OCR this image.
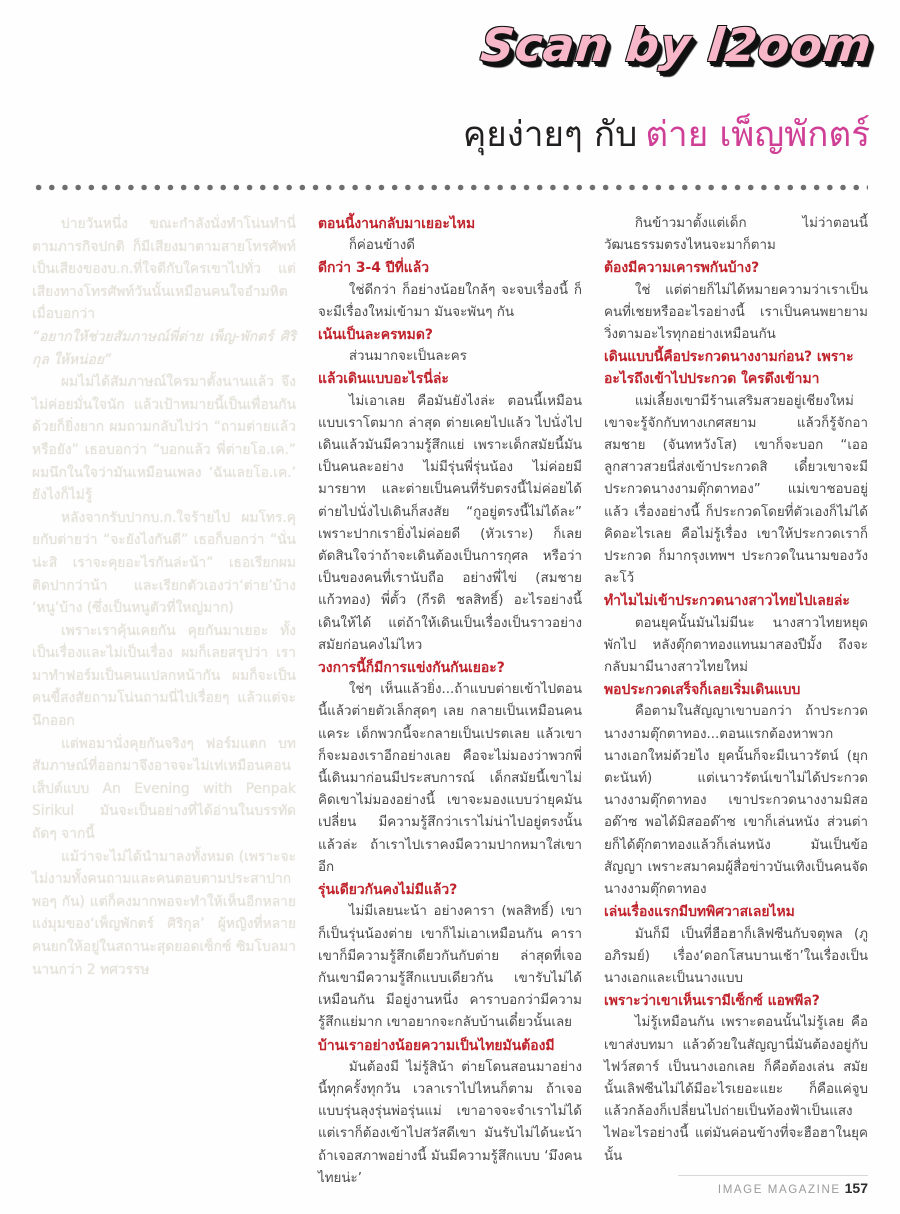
Scan by l2oom
คุยง่ายๆ กับ ต่าย เพ็ญพักตร์

บ่ายวันหนึ่ง ขณะกำลังนั่งทำโน่นทำนี่ตามภารกิจปกติ ก็มีเสียงมาตามสายโทรศัพท์ เป็นเสียงของบ.ก.ที่ใจดีกับใครเขาไปทั่ว แต่เสียงทางโทรศัพท์วันนั้นเหมือนคนใจอำมหิตเมื่อบอกว่า

“อยากให้ช่วยสัมภาษณ์พี่ต่าย เพ็ญ-พักตร์ ศิริกุล ให้หน่อย”

ผมไม่ได้สัมภาษณ์ใครมาตั้งนานแล้ว จึงไม่ค่อยมั่นใจนัก แล้วเป้าหมายนี้เป็นเพื่อนกันด้วยก็ยิ่งยาก ผมถามกลับไปว่า “ถามต่ายแล้วหรือยัง” เธอบอกว่า “บอกแล้ว พี่ต่ายโอ.เค.” ผมนึกในใจว่ามันเหมือนเพลง ‘ฉันเลยโอ.เค.’ ยังไงก็ไม่รู้

หลังจากรับปากบ.ก.ใจร้ายไป ผมโทร.คุยกับต่ายว่า “จะยังไงกันดี” เธอก็บอกว่า “นั่นน่ะสิ เราจะคุยอะไรกันล่ะน้า” เธอเรียกผมติดปากว่าน้า และเรียกตัวเองว่า‘ต่าย’บ้าง ‘หนู’บ้าง (ซึ่งเป็นหนูตัวที่ใหญ่มาก)

เพราะเราคุ้นเคยกัน คุยกันมาเยอะ ทั้งเป็นเรื่องและไม่เป็นเรื่อง ผมก็เลยสรุปว่า เรามาทำฟอร์มเป็นคนแปลกหน้ากัน ผมก็จะเป็นคนขี้สงสัยถามโน่นถามนี่ไปเรื่อยๆ แล้วแต่จะนึกออก

แต่พอมานั่งคุยกันจริงๆ ฟอร์มแตก บทสัมภาษณ์ที่ออกมาจึงอาจจะไม่เท่เหมือนคอนเส็ปต์แบบ An Evening with Penpak Sirikul มันจะเป็นอย่างที่ได้อ่านในบรรทัดถัดๆ จากนี้

แม้ว่าจะไม่ได้นำมาลงทั้งหมด (เพราะจะไม่งามทั้งคนถามและคนตอบตามประสาปากพอๆ กัน) แต่ก็คงมากพอจะทำให้เห็นอีกหลายแง่มุมของ‘เพ็ญพักตร์ ศิริกุล’ ผู้หญิงที่หลายคนยกให้อยู่ในสถานะสุดยอดเซ็กซ์ ซิมโบลมานานกว่า 2 ทศวรรษ

ตอนนี้งานกลับมาเยอะไหม

ก็ค่อนข้างดี

ดีกว่า 3-4 ปีที่แล้ว

ใช่ดีกว่า ก็อย่างน้อยใกล้ๆ จะจบเรื่องนี้ ก็จะมีเรื่องใหม่เข้ามา มันจะพันๆ กัน

เน้นเป็นละครหมด?

ส่วนมากจะเป็นละคร

แล้วเดินแบบอะไรนี่ล่ะ

ไม่เอาเลย คือมันยังไงล่ะ ตอนนี้เหมือนแบบเราโตมาก ล่าสุด ต่ายเคยไปแล้ว ไปนั่งไปเดินแล้วมันมีความรู้สึกแย่ เพราะเด็กสมัยนี้มันเป็นคนละอย่าง ไม่มีรุ่นพี่รุ่นน้อง ไม่ค่อยมีมารยาท และต่ายเป็นคนที่รับตรงนี้ไม่ค่อยได้ ต่ายไปนั่งไปเดินก็สงสัย “กูอยู่ตรงนี้ไม่ได้ละ” เพราะปากเรายิ่งไม่ค่อยดี (หัวเราะ) ก็เลยตัดสินใจว่าถ้าจะเดินต้องเป็นการกุศล หรือว่าเป็นของคนที่เรานับถือ อย่างพี่ไข่ (สมชาย แก้วทอง) พี่ตั้ว (กีรติ ชลสิทธิ์) อะไรอย่างนี้ เดินให้ได้ แต่ถ้าให้เดินเป็นเรื่องเป็นราวอย่างสมัยก่อนคงไม่ไหว

วงการนี้ก็มีการแข่งกันกันเยอะ?

ใช่ๆ เห็นแล้วยิ่ง...ถ้าแบบต่ายเข้าไปตอนนี้แล้วต่ายตัวเล็กสุดๆ เลย กลายเป็นเหมือนคนแคระ เด็กพวกนี้จะกลายเป็นเปรตเลย แล้วเขาก็จะมองเราอีกอย่างเลย คือจะไม่มองว่าพวกพี่นี้เดินมาก่อนมีประสบการณ์ เด็กสมัยนี้เขาไม่คิดเขาไม่มองอย่างนี้ เขาจะมองแบบว่ายุคมันเปลี่ยน มีความรู้สึกว่าเราไม่น่าไปอยู่ตรงนั้นแล้วล่ะ ถ้าเราไปเราคงมีความปากหมาใส่เขาอีก

รุ่นเดียวกันคงไม่มีแล้ว?

ไม่มีเลยนะน้า อย่างคารา (พลสิทธิ์) เขาก็เป็นรุ่นน้องต่าย เขาก็ไม่เอาเหมือนกัน คาราเขาก็มีความรู้สึกเดียวกันกับต่าย ล่าสุดที่เจอกันเขามีความรู้สึกแบบเดียวกัน เขารับไม่ได้เหมือนกัน มีอยู่งานหนึ่ง คาราบอกว่ามีความรู้สึกแย่มาก เขาอยากจะกลับบ้านเดี๋ยวนั้นเลย

บ้านเราอย่างน้อยความเป็นไทยมันต้องมี

มันต้องมี ไม่รู้สิน้า ต่ายโดนสอนมาอย่างนี้ทุกครั้งทุกวัน เวลาเราไปไหนก็ตาม ถ้าเจอแบบรุ่นลุงรุ่นพ่อรุ่นแม่ เขาอาจจะจำเราไม่ได้ แต่เราก็ต้องเข้าไปสวัสดีเขา มันรับไม่ได้นะน้าถ้าเจอสภาพอย่างนี้ มันมีความรู้สึกแบบ ‘มึงคนไทยน่ะ’

กินข้าวมาตั้งแต่เด็ก ไม่ว่าตอนนี้วัฒนธรรมตรงไหนจะมาก็ตาม

ต้องมีความเคารพกันบ้าง?

ใช่ แต่ต่ายก็ไม่ได้หมายความว่าเราเป็นคนที่เชยหรืออะไรอย่างนี้ เราเป็นคนพยายามวิ่งตามอะไรทุกอย่างเหมือนกัน

เดินแบบนี้คือประกวดนางงามก่อน? เพราะอะไรถึงเข้าไปประกวด ใครดึงเข้ามา

แม่เลี้ยงเขามีร้านเสริมสวยอยู่เชียงใหม่ เขาจะรู้จักกับทางเกศสยาม แล้วก็รู้จักอาสมชาย (จันทหวังโส) เขาก็จะบอก “เออ ลูกสาวสวยนี่ส่งเข้าประกวดสิ เดี๋ยวเขาจะมีประกวดนางงามตุ๊กตาทอง” แม่เขาชอบอยู่แล้ว เรื่องอย่างนี้ ก็ประกวดโดยที่ตัวเองก็ไม่ได้คิดอะไรเลย คือไม่รู้เรื่อง เขาให้ประกวดเราก็ประกวด ก็มากรุงเทพฯ ประกวดในนามของวังละโว้

ทำไมไม่เข้าประกวดนางสาวไทยไปเลยล่ะ

ตอนยุคนั้นมันไม่มีนะ นางสาวไทยหยุดพักไป หลังตุ๊กตาทองแทนมาสองปีมั้ง ถึงจะกลับมามีนางสาวไทยใหม่

พอประกวดเสร็จก็เลยเริ่มเดินแบบ

คือตามในสัญญาเขาบอกว่า ถ้าประกวดนางงามตุ๊กตาทอง...ตอนแรกต้องหาพวกนางเอกใหม่ด้วยไง ยุคนั้นก็จะมีเนาวรัตน์ (ยุกตะนันท์) แต่เนาวรัตน์เขาไม่ได้ประกวดนางงามตุ๊กตาทอง เขาประกวดนางงามมิสออด๊าซ พอได้มิสออด๊าซ เขาก็เล่นหนัง ส่วนต่ายก็ได้ตุ๊กตาทองแล้วก็เล่นหนัง มันเป็นข้อสัญญา เพราะสมาคมผู้สื่อข่าวบันเทิงเป็นคนจัดนางงามตุ๊กตาทอง

เล่นเรื่องแรกมีบทพิศวาสเลยไหม

มันก็มี เป็นที่ฮือฮาก็เลิฟซีนกับจตุพล (ภูอภิรมย์) เรื่อง‘ดอกโสนบานเช้า’ในเรื่องเป็นนางเอกและเป็นนางแบบ

เพราะว่าเขาเห็นเรามีเซ็กซ์ แอพพีล?

ไม่รู้เหมือนกัน เพราะตอนนั้นไม่รู้เลย คือเขาส่งบทมา แล้วด้วยในสัญญานี่มันต้องอยู่กับไฟว์สตาร์ เป็นนางเอกเลย ก็คือต้องเล่น สมัยนั้นเลิฟซีนไม่ได้มีอะไรเยอะแยะ ก็คือแค่จูบ แล้วกล้องก็เปลี่ยนไปถ่ายเป็นท้องฟ้าเป็นแสงไฟอะไรอย่างนี้ แต่มันค่อนข้างที่จะฮือฮาในยุคนั้น

IMAGE MAGAZINE 157
